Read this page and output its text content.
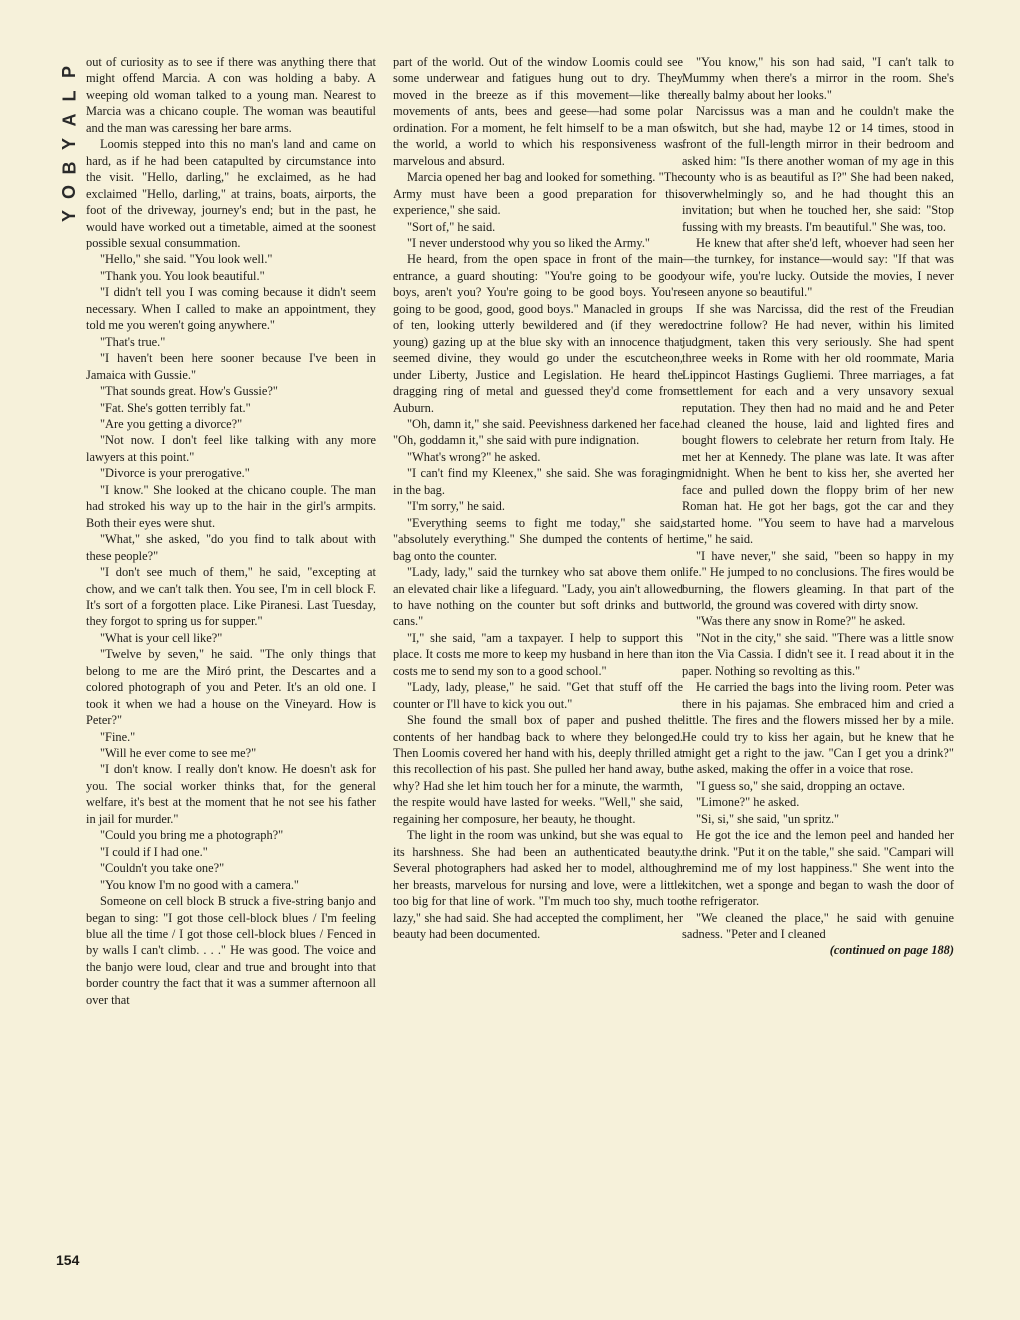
P
L
A
Y
B
O
Y
154

out of curiosity as to see if there was anything there that might offend Marcia. A con was holding a baby. A weeping old woman talked to a young man. Nearest to Marcia was a chicano couple. The woman was beautiful and the man was caressing her bare arms.

Loomis stepped into this no man's land and came on hard, as if he had been catapulted by circumstance into the visit. "Hello, darling," he exclaimed, as he had exclaimed "Hello, darling," at trains, boats, airports, the foot of the driveway, journey's end; but in the past, he would have worked out a timetable, aimed at the soonest possible sexual consummation.

"Hello," she said. "You look well."

"Thank you. You look beautiful."

"I didn't tell you I was coming because it didn't seem necessary. When I called to make an appointment, they told me you weren't going anywhere."

"That's true."

"I haven't been here sooner because I've been in Jamaica with Gussie."

"That sounds great. How's Gussie?"

"Fat. She's gotten terribly fat."

"Are you getting a divorce?"

"Not now. I don't feel like talking with any more lawyers at this point."

"Divorce is your prerogative."

"I know." She looked at the chicano couple. The man had stroked his way up to the hair in the girl's armpits. Both their eyes were shut.

"What," she asked, "do you find to talk about with these people?"

"I don't see much of them," he said, "excepting at chow, and we can't talk then. You see, I'm in cell block F. It's sort of a forgotten place. Like Piranesi. Last Tuesday, they forgot to spring us for supper."

"What is your cell like?"

"Twelve by seven," he said. "The only things that belong to me are the Miró print, the Descartes and a colored photograph of you and Peter. It's an old one. I took it when we had a house on the Vineyard. How is Peter?"

"Fine."

"Will he ever come to see me?"

"I don't know. I really don't know. He doesn't ask for you. The social worker thinks that, for the general welfare, it's best at the moment that he not see his father in jail for murder."

"Could you bring me a photograph?"

"I could if I had one."

"Couldn't you take one?"

"You know I'm no good with a camera."

Someone on cell block B struck a five-string banjo and began to sing: "I got those cell-block blues / I'm feeling blue all the time / I got those cell-block blues / Fenced in by walls I can't climb. . . ." He was good. The voice and the banjo were loud, clear and true and brought into that border country the fact that it was a summer afternoon all over that

part of the world. Out of the window Loomis could see some underwear and fatigues hung out to dry. They moved in the breeze as if this movement—like the movements of ants, bees and geese—had some polar ordination. For a moment, he felt himself to be a man of the world, a world to which his responsiveness was marvelous and absurd.

Marcia opened her bag and looked for something. "The Army must have been a good preparation for this experience," she said.

"Sort of," he said.

"I never understood why you so liked the Army."

He heard, from the open space in front of the main entrance, a guard shouting: "You're going to be good boys, aren't you? You're going to be good boys. You're going to be good, good, good boys." Manacled in groups of ten, looking utterly bewildered and (if they were young) gazing up at the blue sky with an innocence that seemed divine, they would go under the escutcheon, under Liberty, Justice and Legislation. He heard the dragging ring of metal and guessed they'd come from Auburn.

"Oh, damn it," she said. Peevishness darkened her face. "Oh, goddamn it," she said with pure indignation.

"What's wrong?" he asked.

"I can't find my Kleenex," she said. She was foraging in the bag.

"I'm sorry," he said.

"Everything seems to fight me today," she said, "absolutely everything." She dumped the contents of her bag onto the counter.

"Lady, lady," said the turnkey who sat above them on an elevated chair like a lifeguard. "Lady, you ain't allowed to have nothing on the counter but soft drinks and butt cans."

"I," she said, "am a taxpayer. I help to support this place. It costs me more to keep my husband in here than it costs me to send my son to a good school."

"Lady, lady, please," he said. "Get that stuff off the counter or I'll have to kick you out."

She found the small box of paper and pushed the contents of her handbag back to where they belonged. Then Loomis covered her hand with his, deeply thrilled at this recollection of his past. She pulled her hand away, but why? Had she let him touch her for a minute, the warmth, the respite would have lasted for weeks. "Well," she said, regaining her composure, her beauty, he thought.

The light in the room was unkind, but she was equal to its harshness. She had been an authenticated beauty. Several photographers had asked her to model, although her breasts, marvelous for nursing and love, were a little too big for that line of work. "I'm much too shy, much too lazy," she had said. She had accepted the compliment, her beauty had been documented.

"You know," his son had said, "I can't talk to Mummy when there's a mirror in the room. She's really balmy about her looks."

Narcissus was a man and he couldn't make the switch, but she had, maybe 12 or 14 times, stood in front of the full-length mirror in their bedroom and asked him: "Is there another woman of my age in this county who is as beautiful as I?" She had been naked, overwhelmingly so, and he had thought this an invitation; but when he touched her, she said: "Stop fussing with my breasts. I'm beautiful." She was, too.

He knew that after she'd left, whoever had seen her—the turnkey, for instance—would say: "If that was your wife, you're lucky. Outside the movies, I never seen anyone so beautiful."

If she was Narcissa, did the rest of the Freudian doctrine follow? He had never, within his limited judgment, taken this very seriously. She had spent three weeks in Rome with her old roommate, Maria Lippincot Hastings Gugliemi. Three marriages, a fat settlement for each and a very unsavory sexual reputation. They then had no maid and he and Peter had cleaned the house, laid and lighted fires and bought flowers to celebrate her return from Italy. He met her at Kennedy. The plane was late. It was after midnight. When he bent to kiss her, she averted her face and pulled down the floppy brim of her new Roman hat. He got her bags, got the car and they started home. "You seem to have had a marvelous time," he said.

"I have never," she said, "been so happy in my life." He jumped to no conclusions. The fires would be burning, the flowers gleaming. In that part of the world, the ground was covered with dirty snow.

"Was there any snow in Rome?" he asked.

"Not in the city," she said. "There was a little snow on the Via Cassia. I didn't see it. I read about it in the paper. Nothing so revolting as this."

He carried the bags into the living room. Peter was there in his pajamas. She embraced him and cried a little. The fires and the flowers missed her by a mile. He could try to kiss her again, but he knew that he might get a right to the jaw. "Can I get you a drink?" he asked, making the offer in a voice that rose.

"I guess so," she said, dropping an octave.

"Limone?" he asked.

"Si, si," she said, "un spritz."

He got the ice and the lemon peel and handed her the drink. "Put it on the table," she said. "Campari will remind me of my lost happiness." She went into the kitchen, wet a sponge and began to wash the door of the refrigerator.

"We cleaned the place," he said with genuine sadness. "Peter and I cleaned

(continued on page 188)
